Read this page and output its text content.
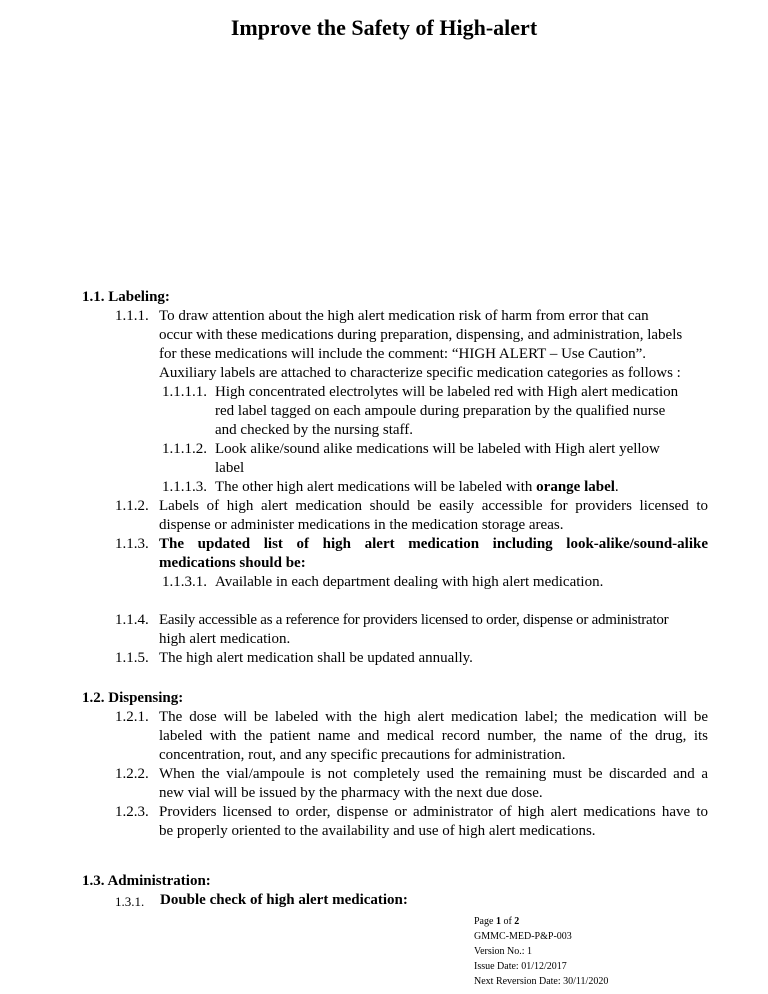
Improve the Safety of High-alert
1.1. Labeling:
1.1.1. To draw attention about the high alert medication risk of harm from error that can
occur with these medications during preparation, dispensing, and administration, labels
for these medications will include the comment: “HIGH ALERT – Use Caution”.
Auxiliary labels are attached to characterize specific medication categories as follows :
1.1.1.1. High concentrated electrolytes will be labeled red with High alert medication
red label tagged on each ampoule during preparation by the qualified nurse
and checked by the nursing staff.
1.1.1.2. Look alike/sound alike medications will be labeled with High alert yellow
label
1.1.1.3. The other high alert medications will be labeled with orange label.
1.1.2. Labels of high alert medication should be easily accessible for providers licensed to
dispense or administer medications in the medication storage areas.
1.1.3. The updated list of high alert medication including look-alike/sound-alike
medications should be:
1.1.3.1. Available in each department dealing with high alert medication.
1.1.4. Easily accessible as a reference for providers licensed to order, dispense or administrator
high alert medication.
1.1.5. The high alert medication shall be updated annually.
1.2. Dispensing:
1.2.1. The dose will be labeled with the high alert medication label; the medication will be
labeled with the patient name and medical record number, the name of the drug, its
concentration, rout, and any specific precautions for administration.
1.2.2. When the vial/ampoule is not completely used the remaining must be discarded and a
new vial will be issued by the pharmacy with the next due dose.
1.2.3. Providers licensed to order, dispense or administrator of high alert medications have to
be properly oriented to the availability and use of high alert medications.
1.3. Administration:
1.3.1. Double check of high alert medication:
Page 1 of 2
GMMC-MED-P&P-003
Version No.: 1
Issue Date: 01/12/2017
Next Reversion Date: 30/11/2020
